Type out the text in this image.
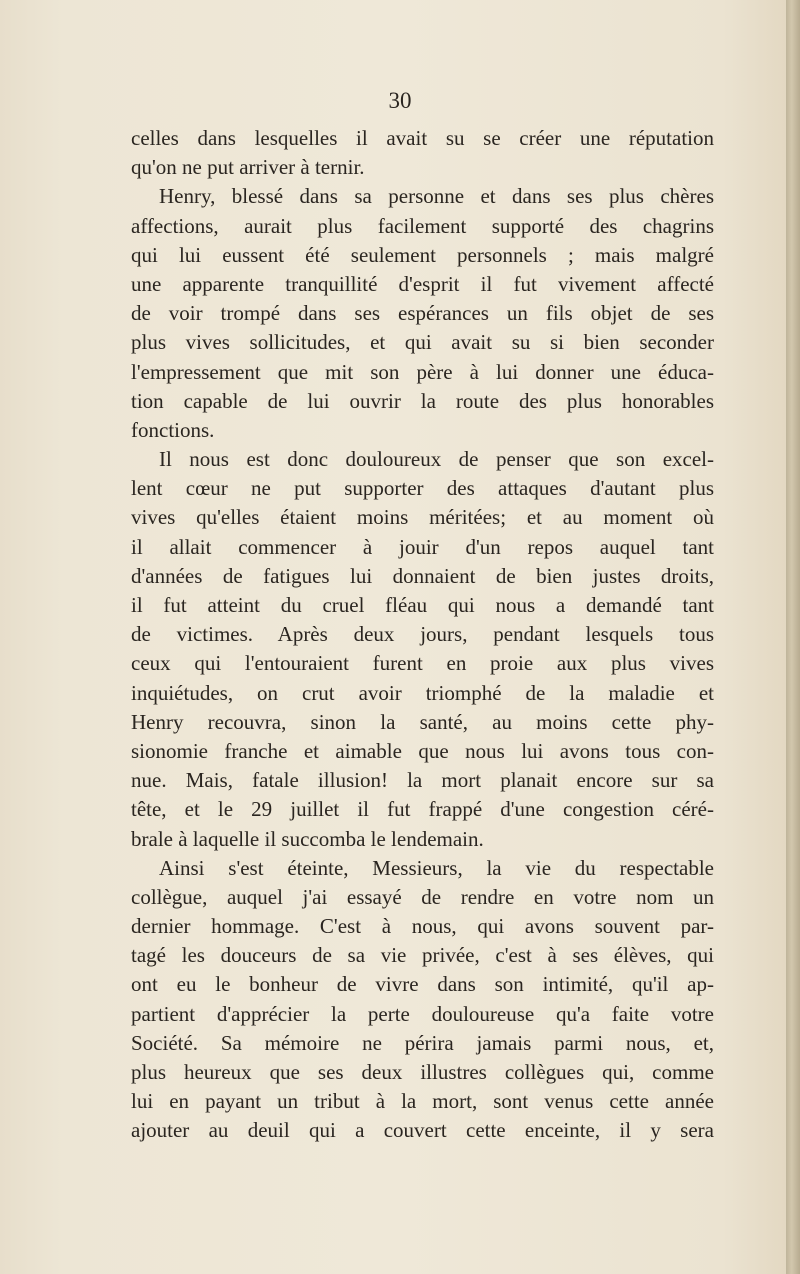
30
celles dans lesquelles il avait su se créer une réputation
qu'on ne put arriver à ternir.
Henry, blessé dans sa personne et dans ses plus chères
affections, aurait plus facilement supporté des chagrins
qui lui eussent été seulement personnels ; mais malgré
une apparente tranquillité d'esprit il fut vivement affecté
de voir trompé dans ses espérances un fils objet de ses
plus vives sollicitudes, et qui avait su si bien seconder
l'empressement que mit son père à lui donner une éduca-
tion capable de lui ouvrir la route des plus honorables
fonctions.
Il nous est donc douloureux de penser que son excel-
lent cœur ne put supporter des attaques d'autant plus
vives qu'elles étaient moins méritées; et au moment où
il allait commencer à jouir d'un repos auquel tant
d'années de fatigues lui donnaient de bien justes droits,
il fut atteint du cruel fléau qui nous a demandé tant
de victimes. Après deux jours, pendant lesquels tous
ceux qui l'entouraient furent en proie aux plus vives
inquiétudes, on crut avoir triomphé de la maladie et
Henry recouvra, sinon la santé, au moins cette phy-
sionomie franche et aimable que nous lui avons tous con-
nue. Mais, fatale illusion! la mort planait encore sur sa
tête, et le 29 juillet il fut frappé d'une congestion céré-
brale à laquelle il succomba le lendemain.
Ainsi s'est éteinte, Messieurs, la vie du respectable
collègue, auquel j'ai essayé de rendre en votre nom un
dernier hommage. C'est à nous, qui avons souvent par-
tagé les douceurs de sa vie privée, c'est à ses élèves, qui
ont eu le bonheur de vivre dans son intimité, qu'il ap-
partient d'apprécier la perte douloureuse qu'a faite votre
Société. Sa mémoire ne périra jamais parmi nous, et,
plus heureux que ses deux illustres collègues qui, comme
lui en payant un tribut à la mort, sont venus cette année
ajouter au deuil qui a couvert cette enceinte, il y sera
